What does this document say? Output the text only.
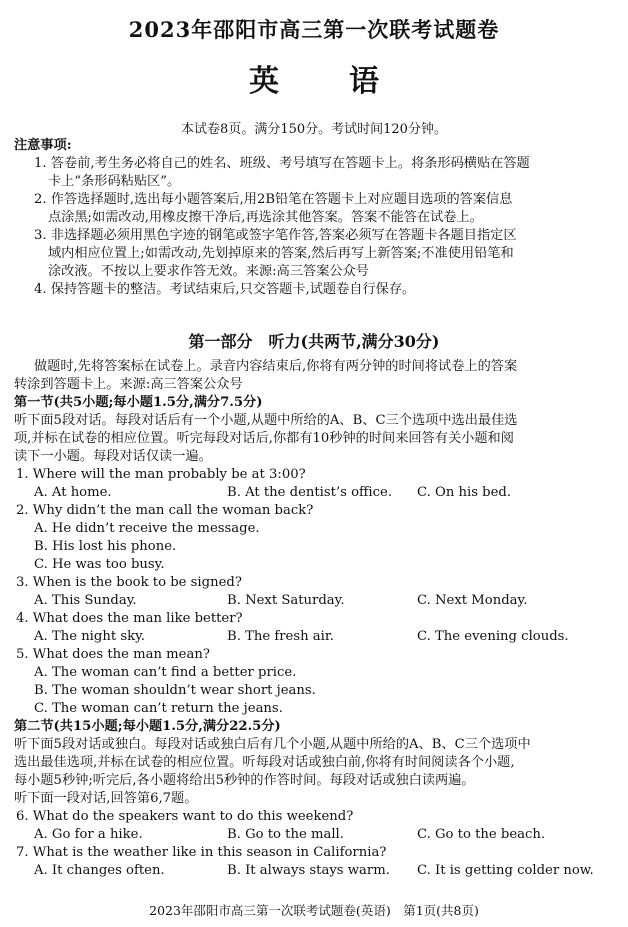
2023年邵阳市高三第一次联考试题卷
英　语
本试卷8页。满分150分。考试时间120分钟。
注意事项:
1. 答卷前,考生务必将自己的姓名、班级、考号填写在答题卡上。将条形码横贴在答题
卡上“条形码粘贴区”。
2. 作答选择题时,选出每小题答案后,用2B铅笔在答题卡上对应题目选项的答案信息
点涂黑;如需改动,用橡皮擦干净后,再选涂其他答案。答案不能答在试卷上。
3. 非选择题必须用黑色字迹的钢笔或签字笔作答,答案必须写在答题卡各题目指定区
域内相应位置上;如需改动,先划掉原来的答案,然后再写上新答案;不准使用铅笔和
涂改液。不按以上要求作答无效。来源:高三答案公众号
4. 保持答题卡的整洁。考试结束后,只交答题卡,试题卷自行保存。
第一部分　听力(共两节,满分30分)
做题时,先将答案标在试卷上。录音内容结束后,你将有两分钟的时间将试卷上的答案
转涂到答题卡上。来源:高三答案公众号
第一节(共5小题;每小题1.5分,满分7.5分)
听下面5段对话。每段对话后有一个小题,从题中所给的A、B、C三个选项中选出最佳选
项,并标在试卷的相应位置。听完每段对话后,你都有10秒钟的时间来回答有关小题和阅
读下一小题。每段对话仅读一遍。
1. Where will the man probably be at 3:00?
A. At home.	B. At the dentist’s office.	C. On his bed.
2. Why didn’t the man call the woman back?
A. He didn’t receive the message.
B. His lost his phone.
C. He was too busy.
3. When is the book to be signed?
A. This Sunday.	B. Next Saturday.	C. Next Monday.
4. What does the man like better?
A. The night sky.	B. The fresh air.	C. The evening clouds.
5. What does the man mean?
A. The woman can’t find a better price.
B. The woman shouldn’t wear short jeans.
C. The woman can’t return the jeans.
第二节(共15小题;每小题1.5分,满分22.5分)
听下面5段对话或独白。每段对话或独白后有几个小题,从题中所给的A、B、C三个选项中
选出最佳选项,并标在试卷的相应位置。听每段对话或独白前,你将有时间阅读各个小题,
每小题5秒钟;听完后,各小题将给出5秒钟的作答时间。每段对话或独白读两遍。
听下面一段对话,回答第6,7题。
6. What do the speakers want to do this weekend?
A. Go for a hike.	B. Go to the mall.	C. Go to the beach.
7. What is the weather like in this season in California?
A. It changes often.	B. It always stays warm.	C. It is getting colder now.
2023年邵阳市高三第一次联考试题卷(英语)　第1页(共8页)
